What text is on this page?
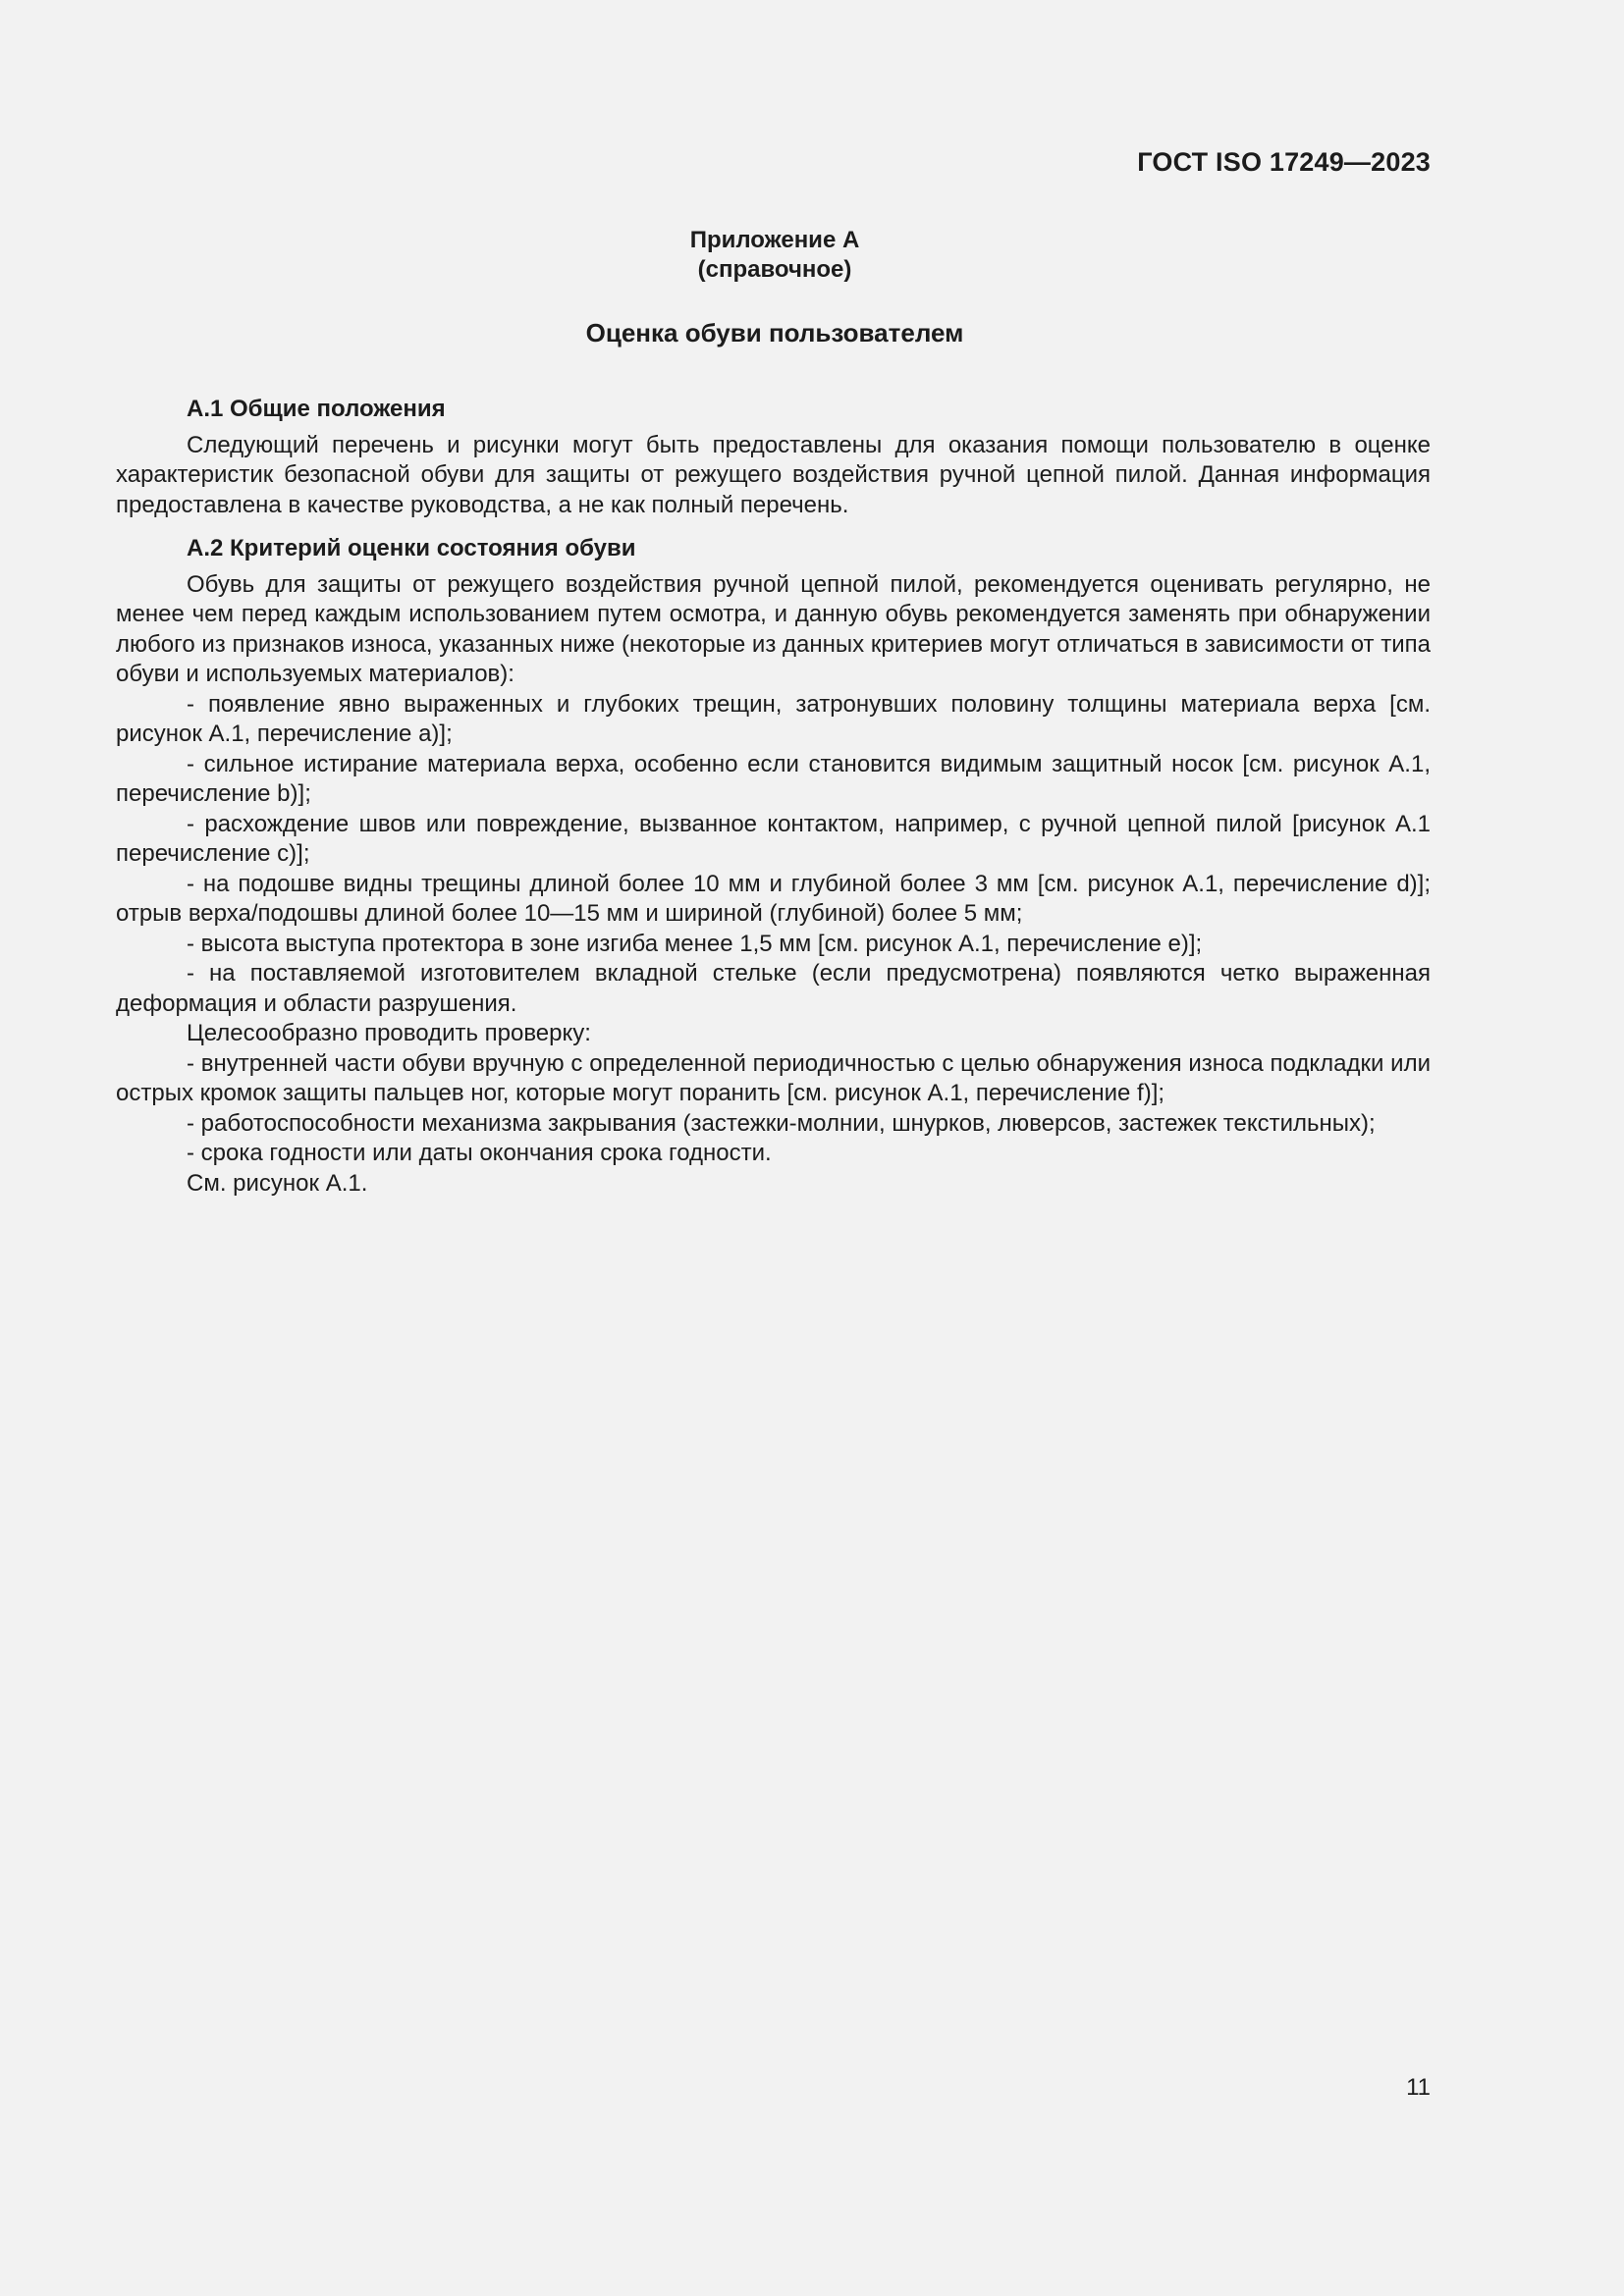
ГОСТ ISO 17249—2023
Приложение А
(справочное)
Оценка обуви пользователем
А.1 Общие положения

Следующий перечень и рисунки могут быть предоставлены для оказания помощи пользователю в оценке характеристик безопасной обуви для защиты от режущего воздействия ручной цепной пилой. Данная информация предоставлена в качестве руководства, а не как полный перечень.

А.2 Критерий оценки состояния обуви

Обувь для защиты от режущего воздействия ручной цепной пилой, рекомендуется оценивать регулярно, не менее чем перед каждым использованием путем осмотра, и данную обувь рекомендуется заменять при обнаружении любого из признаков износа, указанных ниже (некоторые из данных критериев могут отличаться в зависимости от типа обуви и используемых материалов):

- появление явно выраженных и глубоких трещин, затронувших половину толщины материала верха [см. рисунок А.1, перечисление а)];

- сильное истирание материала верха, особенно если становится видимым защитный носок [см. рисунок А.1, перечисление b)];

- расхождение швов или повреждение, вызванное контактом, например, с ручной цепной пилой [рисунок А.1 перечисление с)];

- на подошве видны трещины длиной более 10 мм и глубиной более 3 мм [см. рисунок А.1, перечисление d)]; отрыв верха/подошвы длиной более 10—15 мм и шириной (глубиной) более 5 мм;

- высота выступа протектора в зоне изгиба менее 1,5 мм [см. рисунок А.1, перечисление е)];

- на поставляемой изготовителем вкладной стельке (если предусмотрена) появляются четко выраженная деформация и области разрушения.

Целесообразно проводить проверку:

- внутренней части обуви вручную с определенной периодичностью с целью обнаружения износа подкладки или острых кромок защиты пальцев ног, которые могут поранить [см. рисунок А.1, перечисление f)];

- работоспособности механизма закрывания (застежки-молнии, шнурков, люверсов, застежек текстильных);

- срока годности или даты окончания срока годности.

См. рисунок А.1.

11
